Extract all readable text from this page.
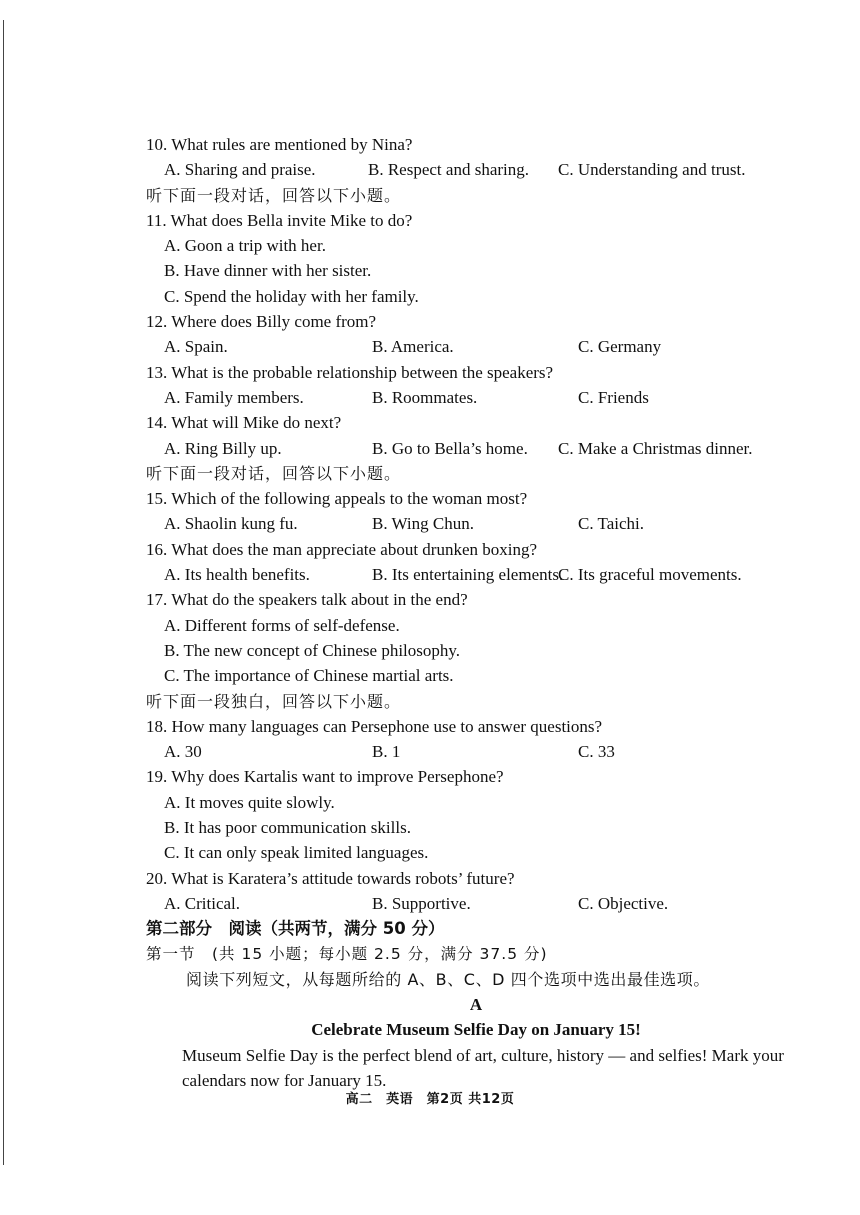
10. What rules are mentioned by Nina?
A. Sharing and praise.	B. Respect and sharing. C. Understanding and trust.
听下面一段对话，回答以下小题。
11. What does Bella invite Mike to do?
A. Goon a trip with her.
B. Have dinner with her sister.
C. Spend the holiday with her family.
12. Where does Billy come from?
A. Spain.	B. America.	C. Germany
13. What is the probable relationship between the speakers?
A. Family members.	B. Roommates.	C. Friends
14. What will Mike do next?
A. Ring Billy up.	B. Go to Bella’s home. C. Make a Christmas dinner.
听下面一段对话，回答以下小题。
15. Which of the following appeals to the woman most?
A. Shaolin kung fu.	B. Wing Chun.	C. Taichi.
16. What does the man appreciate about drunken boxing?
A. Its health benefits.	B. Its entertaining elements.
C. Its graceful movements.
17. What do the speakers talk about in the end?
A. Different forms of self-defense.
B. The new concept of Chinese philosophy.
C. The importance of Chinese martial arts.
听下面一段独白，回答以下小题。
18. How many languages can Persephone use to answer questions?
A. 30	B. 1	C. 33
19. Why does Kartalis want to improve Persephone?
A. It moves quite slowly.
B. It has poor communication skills.
C. It can only speak limited languages.
20. What is Karatera’s attitude towards robots’ future?
A. Critical.	B. Supportive.	C. Objective.
第二部分　阅读（共两节，满分 50 分）
第一节　(共 15 小题；每小题 2.5 分，满分 37.5 分)
阅读下列短文，从每题所给的 A、B、C、D 四个选项中选出最佳选项。
A
Celebrate Museum Selfie Day on January 15!
Museum Selfie Day is the perfect blend of art, culture, history — and selfies! Mark your calendars now for January 15.
高二　英语　第2页 共12页
